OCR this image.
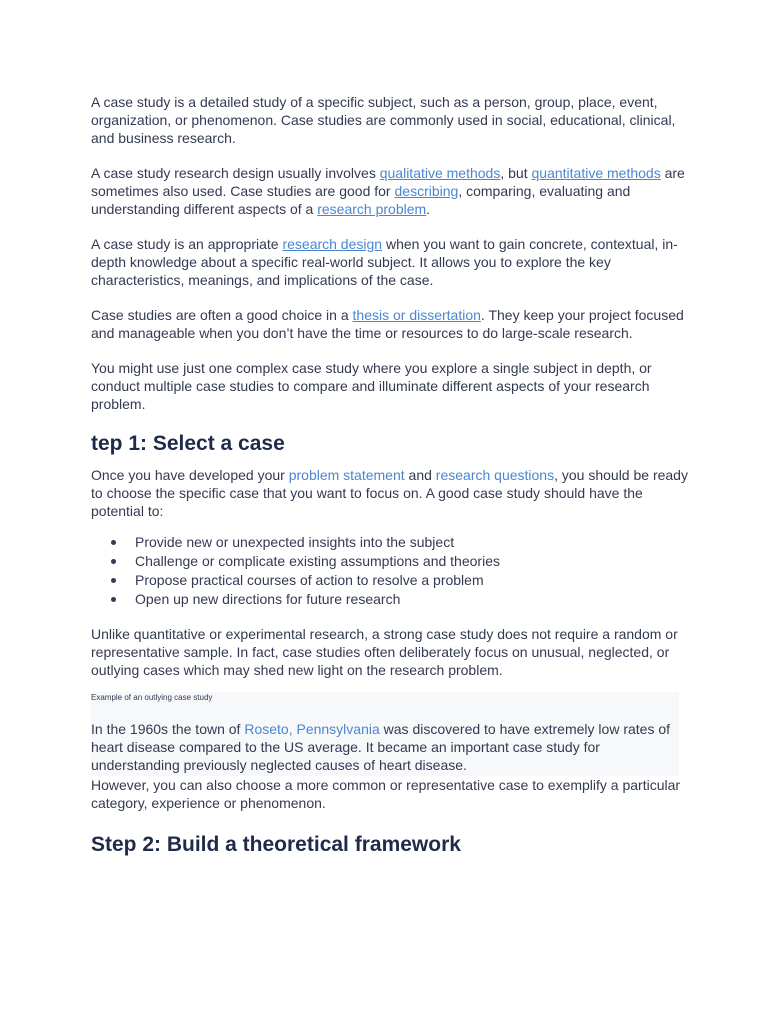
A case study is a detailed study of a specific subject, such as a person, group, place, event, organization, or phenomenon. Case studies are commonly used in social, educational, clinical, and business research.

A case study research design usually involves qualitative methods, but quantitative methods are sometimes also used. Case studies are good for describing, comparing, evaluating and understanding different aspects of a research problem.

A case study is an appropriate research design when you want to gain concrete, contextual, in-depth knowledge about a specific real-world subject. It allows you to explore the key characteristics, meanings, and implications of the case.

Case studies are often a good choice in a thesis or dissertation. They keep your project focused and manageable when you don’t have the time or resources to do large-scale research.

You might use just one complex case study where you explore a single subject in depth, or conduct multiple case studies to compare and illuminate different aspects of your research problem.

tep 1: Select a case

Once you have developed your problem statement and research questions, you should be ready to choose the specific case that you want to focus on. A good case study should have the potential to:

Provide new or unexpected insights into the subject
Challenge or complicate existing assumptions and theories
Propose practical courses of action to resolve a problem
Open up new directions for future research

Unlike quantitative or experimental research, a strong case study does not require a random or representative sample. In fact, case studies often deliberately focus on unusual, neglected, or outlying cases which may shed new light on the research problem.

Example of an outlying case study

In the 1960s the town of Roseto, Pennsylvania was discovered to have extremely low rates of heart disease compared to the US average. It became an important case study for understanding previously neglected causes of heart disease.

However, you can also choose a more common or representative case to exemplify a particular category, experience or phenomenon.

Step 2: Build a theoretical framework
